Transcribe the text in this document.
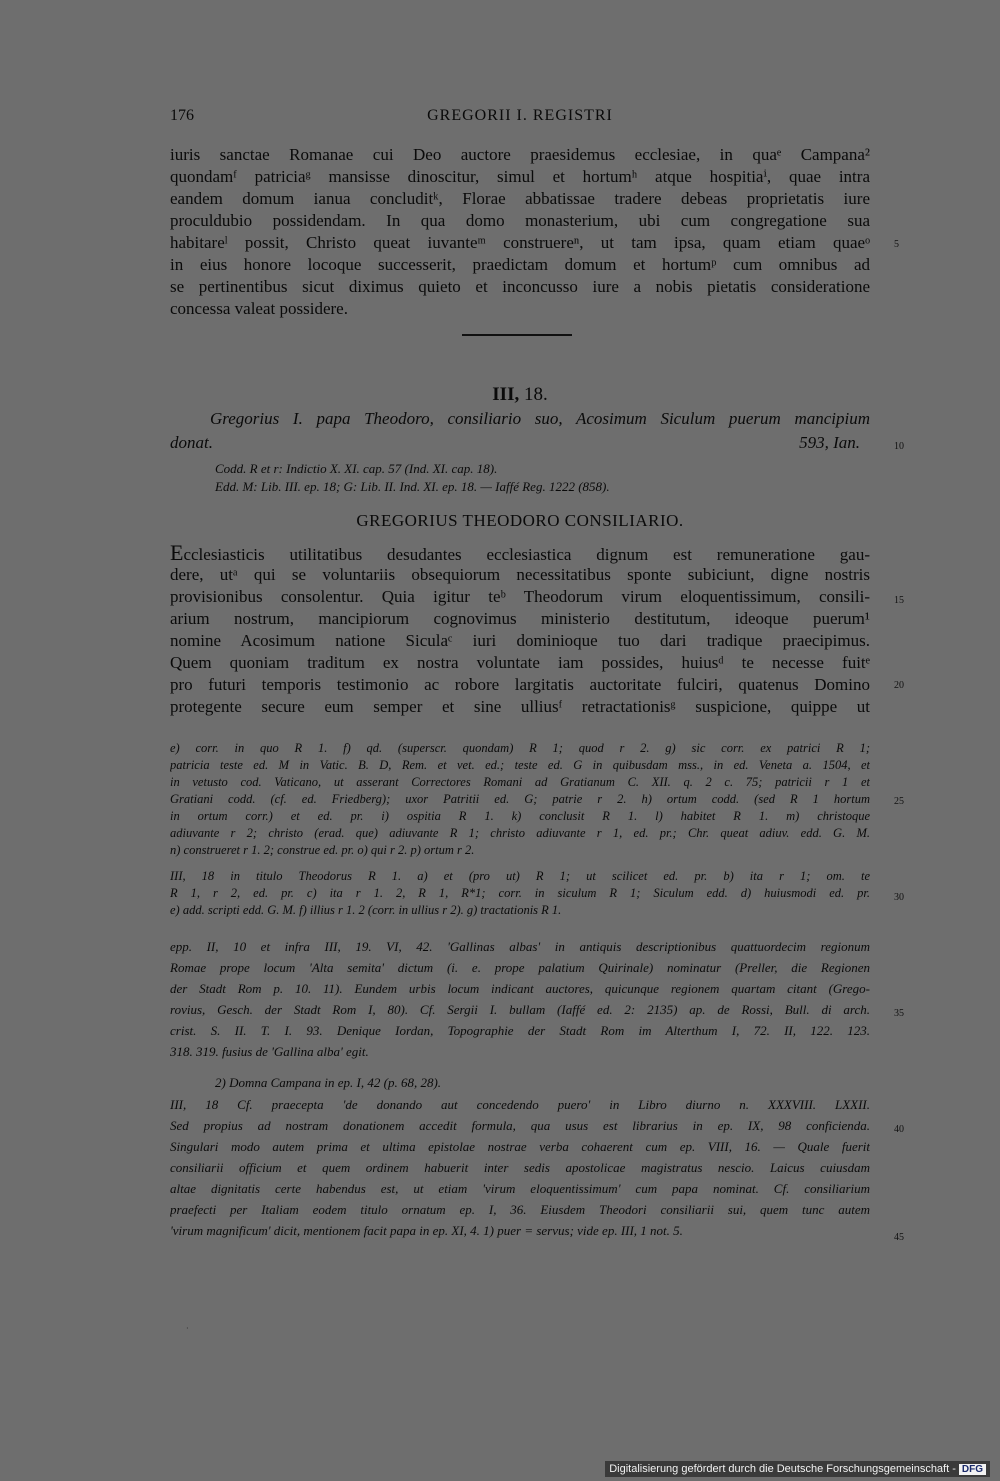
176	GREGORII I. REGISTRI
iuris sanctae Romanae cui Deo auctore praesidemus ecclesiae, in quaᵉ Campana²
quondamᶠ patriciaᵍ mansisse dinoscitur, simul et hortumʰ atque hospitiaⁱ, quae intra
eandem domum ianua concluditᵏ, Florae abbatissae tradere debeas proprietatis iure
proculdubio possidendam. In qua domo monasterium, ubi cum congregatione sua
habitareˡ possit, Christo queat iuvanteᵐ construereⁿ, ut tam ipsa, quam etiam quaeᵒ
in eius honore locoque successerit, praedictam domum et hortumᵖ cum omnibus ad
se pertinentibus sicut diximus quieto et inconcusso iure a nobis pietatis consideratione
concessa valeat possidere.
III, 18.
Gregorius I. papa Theodoro, consiliario suo, Acosimum Siculum puerum mancipium
donat.	593, Ian.
Codd. R et r: Indictio X. XI. cap. 57 (Ind. XI. cap. 18).
Edd. M: Lib. III. ep. 18; G: Lib. II. Ind. XI. ep. 18. — Iaffé Reg. 1222 (858).
GREGORIUS THEODORO CONSILIARIO.
Ecclesiasticis utilitatibus desudantes ecclesiastica dignum est remuneratione gau-
dere, utᵃ qui se voluntariis obsequiorum necessitatibus sponte subiciunt, digne nostris
provisionibus consolentur. Quia igitur teᵇ Theodorum virum eloquentissimum, consili-
arium nostrum, mancipiorum cognovimus ministerio destitutum, ideoque puerum¹
nomine Acosimum natione Siculaᶜ iuri dominioque tuo dari tradique praecipimus.
Quem quoniam traditum ex nostra voluntate iam possides, huiusᵈ te necesse fuitᵉ
pro futuri temporis testimonio ac robore largitatis auctoritate fulciri, quatenus Domino
protegente secure eum semper et sine ulliusᶠ retractationisᵍ suspicione, quippe ut
e) corr. in quo R 1. f) qd. (superscr. quondam) R 1; quod r 2. g) sic corr. ex patrici R 1;
patricia teste ed. M in Vatic. B. D, Rem. et vet. ed.; teste ed. G in quibusdam mss., in ed. Veneta a. 1504, et
in vetusto cod. Vaticano, ut asserant Correctores Romani ad Gratianum C. XII. q. 2 c. 75; patricii r 1 et
Gratiani codd. (cf. ed. Friedberg); uxor Patritii ed. G; patrie r 2. h) ortum codd. (sed R 1 hortum
in ortum corr.) et ed. pr. i) ospitia R 1. k) conclusit R 1. l) habitet R 1. m) christoque
adiuvante r 2; christo (erad. que) adiuvante R 1; christo adiuvante r 1, ed. pr.; Chr. queat adiuv. edd. G. M.
n) construeret r 1. 2; construe ed. pr. o) qui r 2. p) ortum r 2.
III, 18 in titulo Theodorus R 1. a) et (pro ut) R 1; ut scilicet ed. pr. b) ita r 1; om. te
R 1, r 2, ed. pr. c) ita r 1. 2, R 1, R*1; corr. in siculum R 1; Siculum edd. d) huiusmodi ed. pr.
e) add. scripti edd. G. M. f) illius r 1. 2 (corr. in ullius r 2). g) tractationis R 1.
epp. II, 10 et infra III, 19. VI, 42. 'Gallinas albas' in antiquis descriptionibus quattuordecim regionum
Romae prope locum 'Alta semita' dictum (i. e. prope palatium Quirinale) nominatur (Preller, die Regionen
der Stadt Rom p. 10. 11). Eundem urbis locum indicant auctores, quicunque regionem quartam citant (Grego-
rovius, Gesch. der Stadt Rom I, 80). Cf. Sergii I. bullam (Iaffé ed. 2: 2135) ap. de Rossi, Bull. di arch.
crist. S. II. T. I. 93. Denique Iordan, Topographie der Stadt Rom im Alterthum I, 72. II, 122. 123.
318. 319. fusius de 'Gallina alba' egit.
2) Domna Campana in ep. I, 42 (p. 68, 28).
III, 18 Cf. praecepta 'de donando aut concedendo puero' in Libro diurno n. XXXVIII. LXXII.
Sed propius ad nostram donationem accedit formula, qua usus est librarius in ep. IX, 98 conficienda.
Singulari modo autem prima et ultima epistolae nostrae verba cohaerent cum ep. VIII, 16. — Quale fuerit
consiliarii officium et quem ordinem habuerit inter sedis apostolicae magistratus nescio. Laicus cuiusdam
altae dignitatis certe habendus est, ut etiam 'virum eloquentissimum' cum papa nominat. Cf. consiliarium
praefecti per Italiam eodem titulo ornatum ep. I, 36. Eiusdem Theodori consiliarii sui, quem tunc autem
'virum magnificum' dicit, mentionem facit papa in ep. XI, 4. 1) puer = servus; vide ep. III, 1 not. 5.
5
10
15
20
25
30
35
40
45
·
Digitalisierung gefördert durch die Deutsche Forschungsgemeinschaft - DFG
